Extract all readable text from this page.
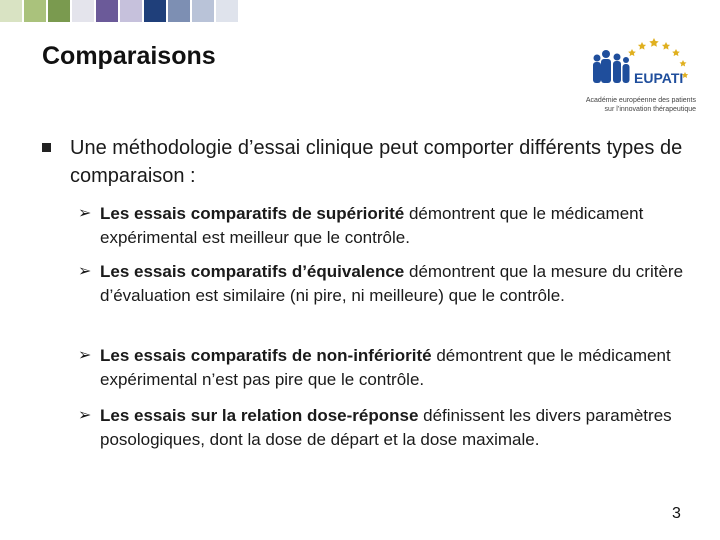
Comparaisons
EUPATI
Académie européenne des patients
sur l’innovation thérapeutique
Une méthodologie d’essai clinique peut comporter différents types de comparaison :
➢ Les essais comparatifs de supériorité démontrent que le médicament expérimental est meilleur que le contrôle.
➢ Les essais comparatifs d’équivalence démontrent que la mesure du critère d’évaluation est similaire (ni pire, ni meilleure) que le contrôle.
➢ Les essais comparatifs de non-infériorité démontrent que le médicament expérimental n’est pas pire que le contrôle.
➢ Les essais sur la relation dose-réponse définissent les divers paramètres posologiques, dont la dose de départ et la dose maximale.
3
